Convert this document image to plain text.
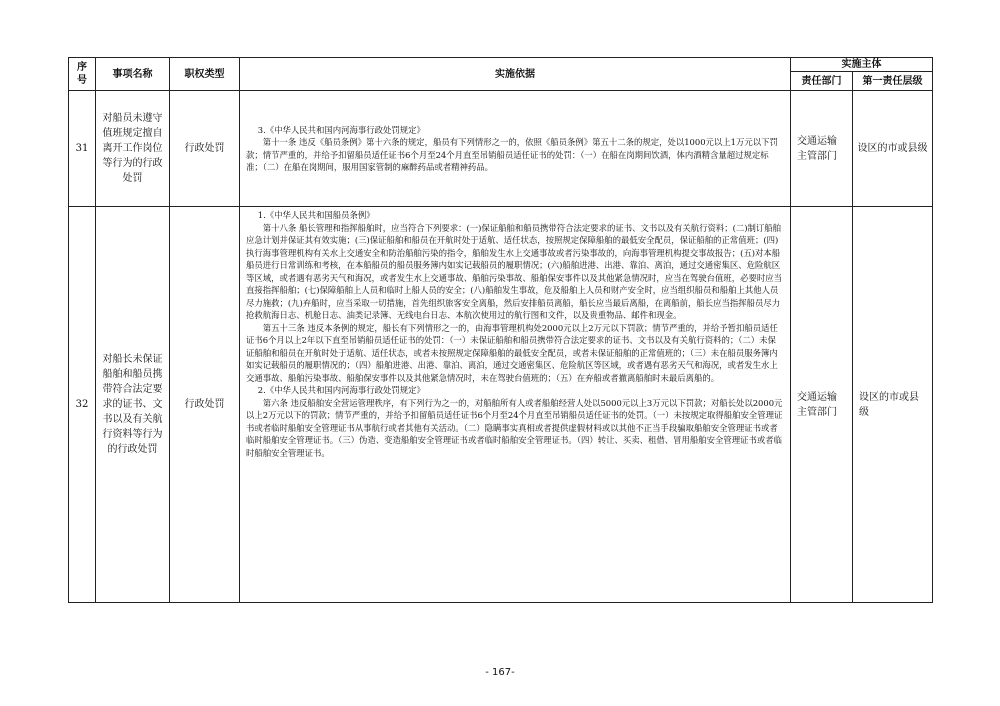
序
号	事项名称	职权类型	实施依据	实施主体	
				责任部门	第一责任层级
31	对船员未遵守值班规定擅自离开工作岗位等行为的行政处罚	行政处罚	3.《中华人民共和国内河海事行政处罚规定》

第十一条 违反《船员条例》第十六条的规定，船员有下列情形之一的，依照《船员条例》第五十二条的规定，处以1000元以上1万元以下罚款；情节严重的，并给予扣留船员适任证书6个月至24个月直至吊销船员适任证书的处罚：（一）在船在岗期间饮酒，体内酒精含量超过规定标准；（二）在船在岗期间，服用国家管制的麻醉药品或者精神药品。	交通运输主管部门	设区的市或县级
32	对船长未保证船舶和船员携带符合法定要求的证书、文书以及有关航行资料等行为的行政处罚	行政处罚	1.《中华人民共和国船员条例》

第十八条 船长管理和指挥船舶时，应当符合下列要求：(一)保证船舶和船员携带符合法定要求的证书、文书以及有关航行资料；(二)制订船舶应急计划并保证其有效实施；(三)保证船舶和船员在开航时处于适航、适任状态，按照规定保障船舶的最低安全配员，保证船舶的正常值班；(四)执行海事管理机构有关水上交通安全和防治船舶污染的指令，船舶发生水上交通事故或者污染事故的，向海事管理机构提交事故报告；(五)对本船船员进行日常训练和考核，在本船船员的船员服务簿内如实记载船员的履职情况；(六)船舶进港、出港、靠泊、离泊，通过交通密集区、危险航区等区域，或者遇有恶劣天气和海况，或者发生水上交通事故、船舶污染事故、船舶保安事件以及其他紧急情况时，应当在驾驶台值班，必要时应当直接指挥船舶；(七)保障船舶上人员和临时上船人员的安全；(八)船舶发生事故，危及船舶上人员和财产安全时，应当组织船员和船舶上其他人员尽力施救；(九)弃船时，应当采取一切措施，首先组织旅客安全离船，然后安排船员离船，船长应当最后离船，在离船前，船长应当指挥船员尽力抢救航海日志、机舱日志、油类记录簿、无线电台日志、本航次使用过的航行图和文件，以及贵重物品、邮件和现金。

第五十三条 违反本条例的规定，船长有下列情形之一的，由海事管理机构处2000元以上2万元以下罚款；情节严重的，并给予暂扣船员适任证书6个月以上2年以下直至吊销船员适任证书的处罚：（一）未保证船舶和船员携带符合法定要求的证书、文书以及有关航行资料的；（二）未保证船舶和船员在开航时处于适航、适任状态，或者未按照规定保障船舶的最低安全配员，或者未保证船舶的正常值班的；（三）未在船员服务簿内如实记载船员的履职情况的；（四）船舶进港、出港、靠泊、离泊，通过交通密集区、危险航区等区域，或者遇有恶劣天气和海况，或者发生水上交通事故、船舶污染事故、船舶保安事件以及其他紧急情况时，未在驾驶台值班的；（五）在弃船或者撤离船舶时未最后离船的。

2.《中华人民共和国内河海事行政处罚规定》

第六条 违反船舶安全营运管理秩序，有下列行为之一的，对船舶所有人或者船舶经营人处以5000元以上3万元以下罚款；对船长处以2000元以上2万元以下的罚款；情节严重的，并给予扣留船员适任证书6个月至24个月直至吊销船员适任证书的处罚。（一）未按规定取得船舶安全管理证书或者临时船舶安全管理证书从事航行或者其他有关活动。（二）隐瞒事实真相或者提供虚假材料或以其他不正当手段骗取船舶安全管理证书或者临时船舶安全管理证书。（三）伪造、变造船舶安全管理证书或者临时船舶安全管理证书。（四）转让、买卖、租借、冒用船舶安全管理证书或者临时船舶安全管理证书。	交通运输主管部门	设区的市或县级
- 167-
